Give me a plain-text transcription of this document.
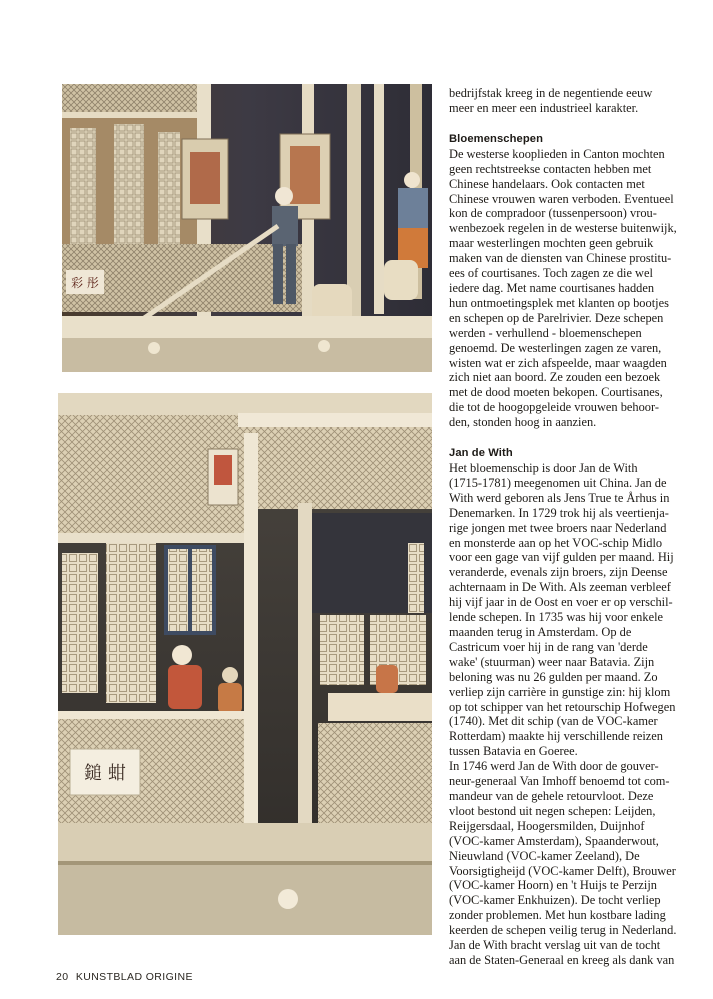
彩 彤
鎚 蚶
bedrijfstak kreeg in de negentiende eeuw
meer en meer een industrieel karakter.
Bloemenschepen
De westerse kooplieden in Canton mochten
geen rechtstreekse contacten hebben met
Chinese handelaars. Ook contacten met
Chinese vrouwen waren verboden. Eventueel
kon de compradoor (tussenpersoon) vrou-
wenbezoek regelen in de westerse buitenwijk,
maar westerlingen mochten geen gebruik
maken van de diensten van Chinese prostitu-
ees of courtisanes. Toch zagen ze die wel
iedere dag. Met name courtisanes hadden
hun ontmoetingsplek met klanten op bootjes
en schepen op de Parelrivier. Deze schepen
werden - verhullend - bloemenschepen
genoemd. De westerlingen zagen ze varen,
wisten wat er zich afspeelde, maar waagden
zich niet aan boord. Ze zouden een bezoek
met de dood moeten bekopen. Courtisanes,
die tot de hoogopgeleide vrouwen behoor-
den, stonden hoog in aanzien.
Jan de With
Het bloemenschip is door Jan de With
(1715-1781) meegenomen uit China. Jan de
With werd geboren als Jens True te Århus in
Denemarken. In 1729 trok hij als veertienja-
rige jongen met twee broers naar Nederland
en monsterde aan op het VOC-schip Midlo
voor een gage van vijf gulden per maand. Hij
veranderde, evenals zijn broers, zijn Deense
achternaam in De With. Als zeeman verbleef
hij vijf jaar in de Oost en voer er op verschil-
lende schepen. In 1735 was hij voor enkele
maanden terug in Amsterdam. Op de
Castricum voer hij in de rang van 'derde
wake' (stuurman) weer naar Batavia. Zijn
beloning was nu 26 gulden per maand. Zo
verliep zijn carrière in gunstige zin: hij klom
op tot schipper van het retourschip Hofwegen
(1740). Met dit schip (van de VOC-kamer
Rotterdam) maakte hij verschillende reizen
tussen Batavia en Goeree.
In 1746 werd Jan de With door de gouver-
neur-generaal Van Imhoff benoemd tot com-
mandeur van de gehele retourvloot. Deze
vloot bestond uit negen schepen: Leijden,
Reijgersdaal, Hoogersmilden, Duijnhof
(VOC-kamer Amsterdam), Spaanderwout,
Nieuwland (VOC-kamer Zeeland), De
Voorsigtigheijd (VOC-kamer Delft), Brouwer
(VOC-kamer Hoorn) en 't Huijs te Perzijn
(VOC-kamer Enkhuizen). De tocht verliep
zonder problemen. Met hun kostbare lading
keerden de schepen veilig terug in Nederland.
Jan de With bracht verslag uit van de tocht
aan de Staten-Generaal en kreeg als dank van
20 KUNSTBLAD ORIGINE
